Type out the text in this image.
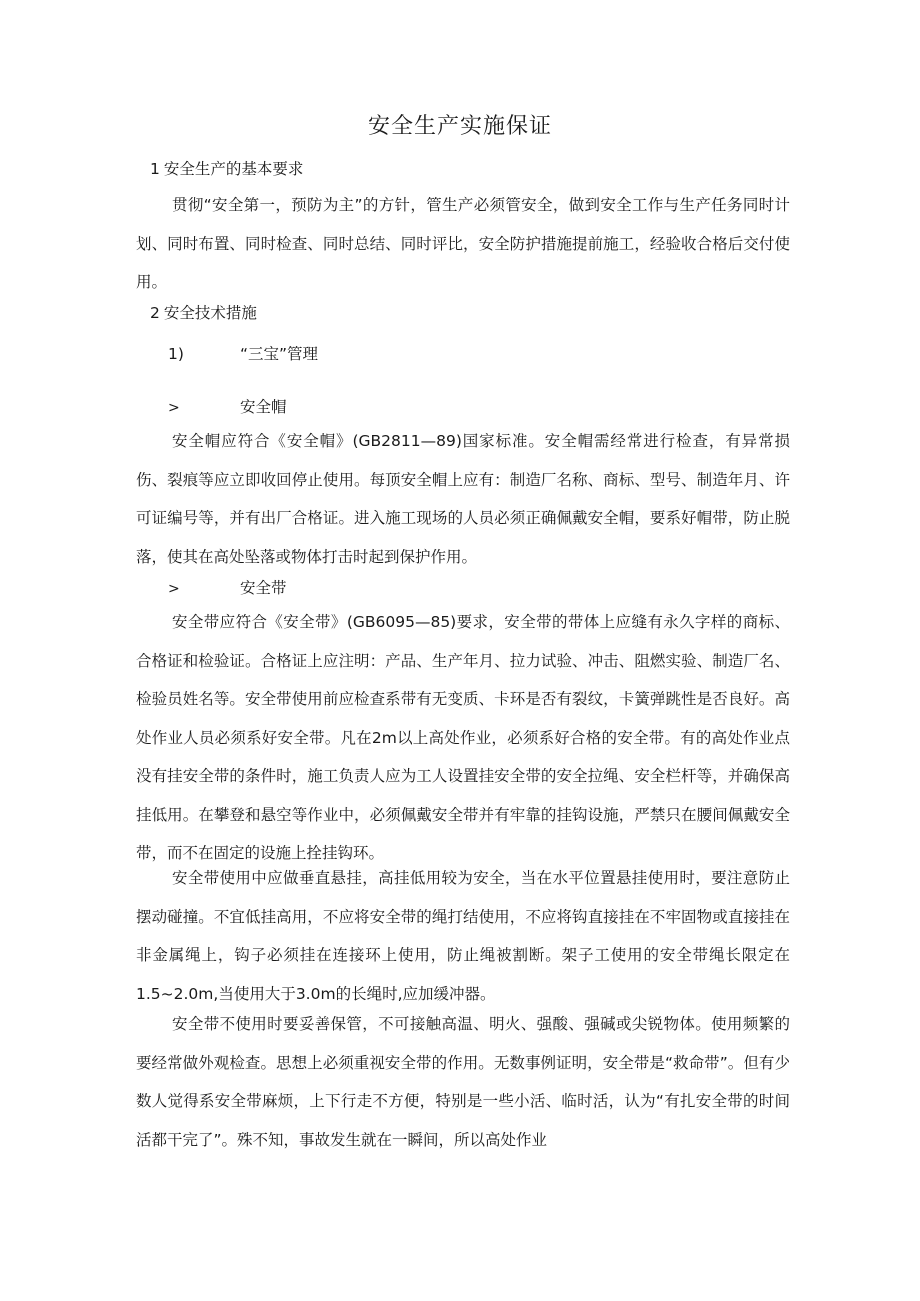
安全生产实施保证
1 安全生产的基本要求

贯彻“安全第一，预防为主”的方针，管生产必须管安全，做到安全工作与生产任务同时计划、同时布置、同时检查、同时总结、同时评比，安全防护措施提前施工，经验收合格后交付使用。

2 安全技术措施
1)	“三宝”管理
>	安全帽

安全帽应符合《安全帽》(GB2811—89)国家标准。安全帽需经常进行检查，有异常损伤、裂痕等应立即收回停止使用。每顶安全帽上应有：制造厂名称、商标、型号、制造年月、许可证编号等，并有出厂合格证。进入施工现场的人员必须正确佩戴安全帽，要系好帽带，防止脱落，使其在高处坠落或物体打击时起到保护作用。

>	安全带

安全带应符合《安全带》(GB6095—85)要求，安全带的带体上应缝有永久字样的商标、合格证和检验证。合格证上应注明：产品、生产年月、拉力试验、冲击、阻燃实验、制造厂名、检验员姓名等。安全带使用前应检查系带有无变质、卡环是否有裂纹，卡簧弹跳性是否良好。高处作业人员必须系好安全带。凡在2m以上高处作业，必须系好合格的安全带。有的高处作业点没有挂安全带的条件时，施工负责人应为工人设置挂安全带的安全拉绳、安全栏杆等，并确保高挂低用。在攀登和悬空等作业中，必须佩戴安全带并有牢靠的挂钩设施，严禁只在腰间佩戴安全带，而不在固定的设施上拴挂钩环。

安全带使用中应做垂直悬挂，高挂低用较为安全，当在水平位置悬挂使用时，要注意防止摆动碰撞。不宜低挂高用，不应将安全带的绳打结使用，不应将钩直接挂在不牢固物或直接挂在非金属绳上，钩子必须挂在连接环上使用，防止绳被割断。架子工使用的安全带绳长限定在1.5~2.0m,当使用大于3.0m的长绳时,应加缓冲器。

安全带不使用时要妥善保管，不可接触高温、明火、强酸、强碱或尖锐物体。使用频繁的要经常做外观检查。思想上必须重视安全带的作用。无数事例证明，安全带是“救命带”。但有少数人觉得系安全带麻烦，上下行走不方便，特别是一些小活、临时活，认为“有扎安全带的时间活都干完了”。殊不知，事故发生就在一瞬间，所以高处作业
